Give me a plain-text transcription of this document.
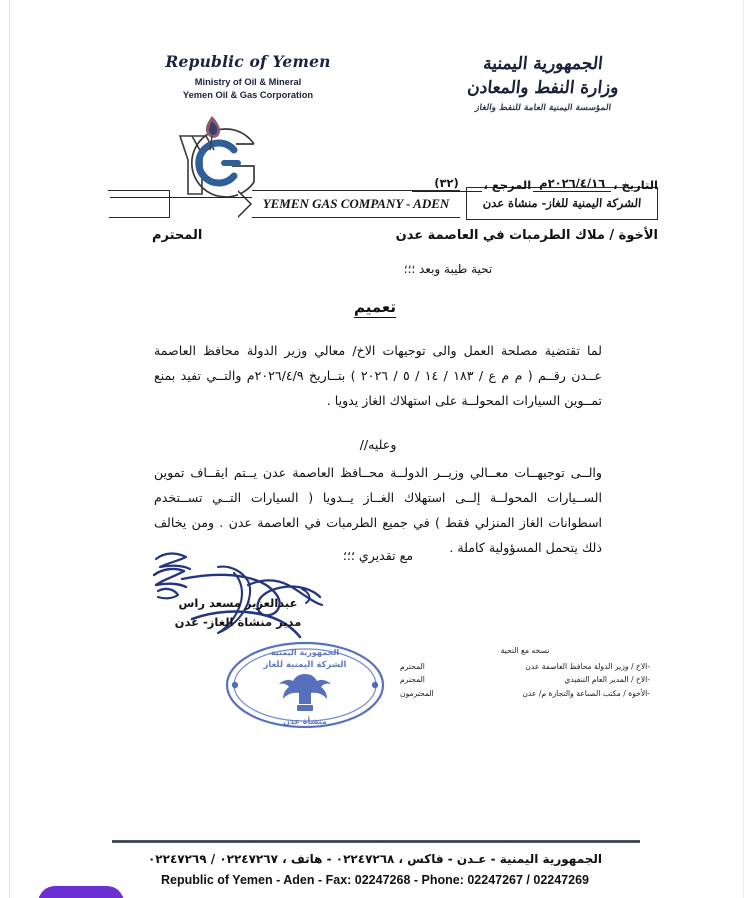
Republic of Yemen
Ministry of Oil & Mineral
Yemen Oil & Gas Corporation
الجمهورية اليمنية
وزارة النفط والمعادن
المؤسسة اليمنية العامة للنفط والغاز
YEMEN GAS COMPANY - ADEN	الشركة اليمنية للغاز- منشاة عدن
التاريخ ،
٢٠٢٦/٤/١٦م
المرجع ،
(٣٢)
الأخوة / ملاك الطرمبات في العاصمة عدن
المحترم
تحية طيبة وبعد ؛؛؛
تعميم
لما تقتضية مصلحة العمل والى توجيهات الاخ/ معالي وزير الدولة محافظ العاصمة عــدن رقــم ( م م ع / ١٨٣ / ١٤ / ٥ / ٢٠٢٦ ) بتــاريخ ٢٠٢٦/٤/٩م والتــي تفيد بمنع تمــوين السيارات المحولــة على استهلاك الغاز يدويا .
وعليه//
والــى توجيهــات معــالي وزيــر الدولــة محــافظ العاصمة عدن يــتم ايقــاف تموين الســيارات المحولــة إلــى استهلاك الغــاز يــدويا ( السيارات التــي تســتخدم اسطوانات الغاز المنزلي فقط ) في جميع الطرمبات في العاصمة عدن . ومن يخالف ذلك يتحمل المسؤولية كاملة .
مع تقديري ؛؛؛
عبدالعزيز مسعد راس
مدير منشاة الغاز- عدن
الجمهورية اليمنية
الشركة اليمنية للغاز
منشأة عدن
نسخه مع التحية
-الاخ / وزير الدولة محافظ العاصمة عدن
المحترم
-الاخ / المدير العام التنفيذي
المحترم
-الأخوة / مكتب الصناعة والتجارة م/ عدن
المحترمون
الجمهورية اليمنية - عـدن - فاكس ، ٠٢٢٤٧٢٦٨ - هاتف ، ٠٢٢٤٧٢٦٧ / ٠٢٢٤٧٢٦٩
Republic of Yemen - Aden - Fax: 02247268 - Phone: 02247267 / 02247269
